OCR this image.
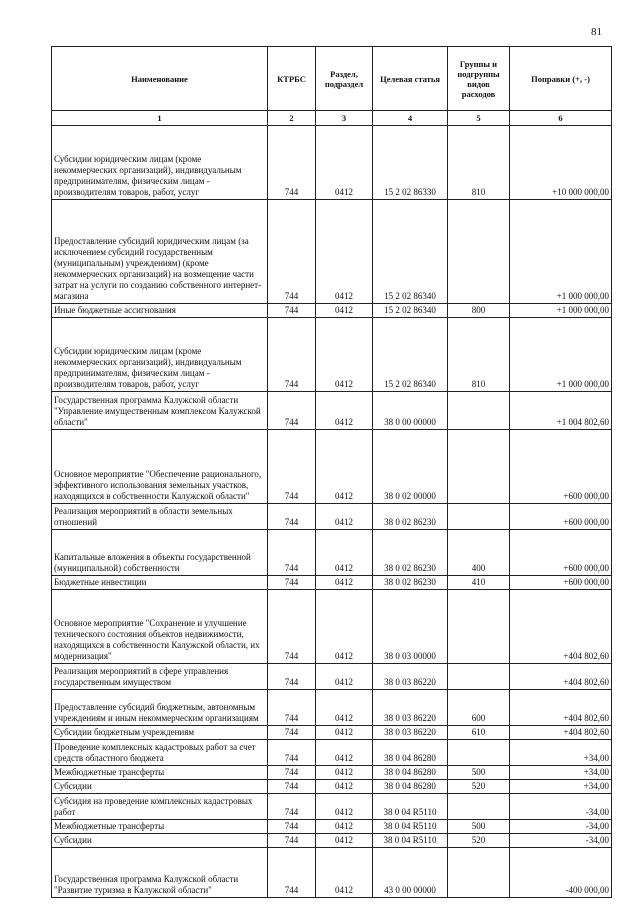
81
Наименование	КТРБС	Раздел, подраздел	Целевая статья	Группы и подгруппы видов расходов	Поправки (+, -)
1	2	3	4	5	6
Субсидии юридическим лицам (кроме некоммерческих организаций), индивидуальным предпринимателям, физическим лицам - производителям товаров, работ, услуг	744	0412	15 2 02 86330	810	+10 000 000,00
Предоставление субсидий юридическим лицам (за исключением субсидий государственным (муниципальным) учреждениям) (кроме некоммерческих организаций) на возмещение части затрат на услуги по созданию собственного интернет-магазина	744	0412	15 2 02 86340		+1 000 000,00
Иные бюджетные ассигнования	744	0412	15 2 02 86340	800	+1 000 000,00
Субсидии юридическим лицам (кроме некоммерческих организаций), индивидуальным предпринимателям, физическим лицам - производителям товаров, работ, услуг	744	0412	15 2 02 86340	810	+1 000 000,00
Государственная программа Калужской области "Управление имущественным комплексом Калужской области"	744	0412	38 0 00 00000		+1 004 802,60
Основное мероприятие "Обеспечение рационального, эффективного использования земельных участков, находящихся в собственности Калужской области"	744	0412	38 0 02 00000		+600 000,00
Реализация мероприятий в области земельных отношений	744	0412	38 0 02 86230		+600 000,00
Капитальные вложения в объекты государственной (муниципальной) собственности	744	0412	38 0 02 86230	400	+600 000,00
Бюджетные инвестиции	744	0412	38 0 02 86230	410	+600 000,00
Основное мероприятие "Сохранение и улучшение технического состояния объектов недвижимости, находящихся в собственности Калужской области, их модернизация"	744	0412	38 0 03 00000		+404 802,60
Реализация мероприятий в сфере управления государственным имуществом	744	0412	38 0 03 86220		+404 802,60
Предоставление субсидий бюджетным, автономным учреждениям и иным некоммерческим организациям	744	0412	38 0 03 86220	600	+404 802,60
Субсидии бюджетным учреждениям	744	0412	38 0 03 86220	610	+404 802,60
Проведение комплексных кадастровых работ за счет средств областного бюджета	744	0412	38 0 04 86280		+34,00
Межбюджетные трансферты	744	0412	38 0 04 86280	500	+34,00
Субсидии	744	0412	38 0 04 86280	520	+34,00
Субсидия на проведение комплексных кадастровых работ	744	0412	38 0 04 R5110		-34,00
Межбюджетные трансферты	744	0412	38 0 04 R5110	500	-34,00
Субсидии	744	0412	38 0 04 R5110	520	-34,00
Государственная программа Калужской области "Развитие туризма в Калужской области"	744	0412	43 0 00 00000		-400 000,00
